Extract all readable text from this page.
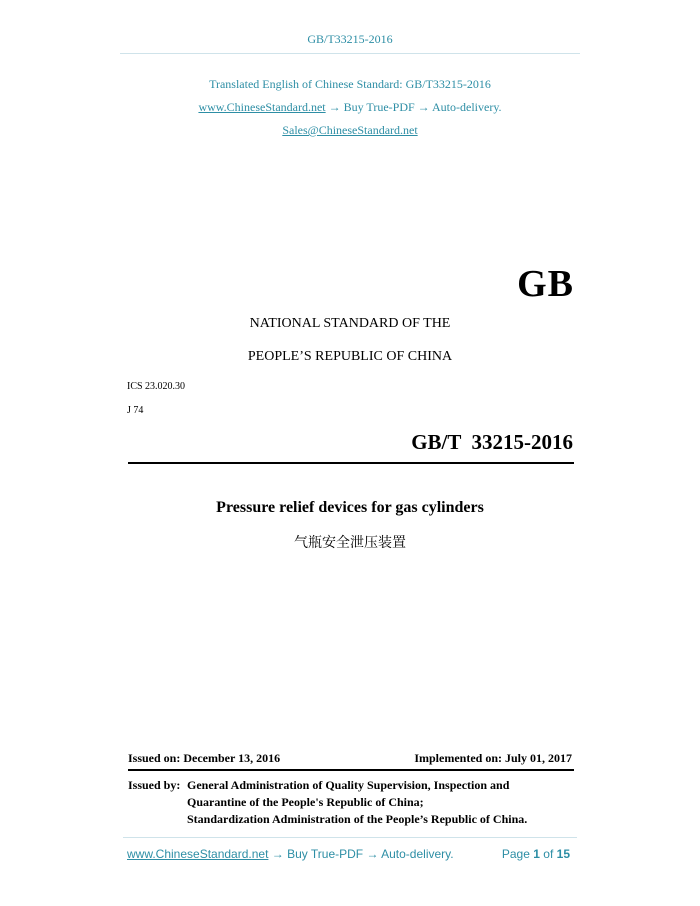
GB/T33215-2016
Translated English of Chinese Standard: GB/T33215-2016
www.ChineseStandard.net → Buy True-PDF → Auto-delivery.
Sales@ChineseStandard.net
GB
NATIONAL STANDARD OF THE
PEOPLE’S REPUBLIC OF CHINA
ICS 23.020.30
J 74
GB/T  33215-2016
Pressure relief devices for gas cylinders
气瓶安全泄压装置
Issued on: December 13, 2016	Implemented on: July 01, 2017
Issued by: General Administration of Quality Supervision, Inspection and
Quarantine of the People's Republic of China;
Standardization Administration of the People’s Republic of China.
www.ChineseStandard.net → Buy True-PDF → Auto-delivery.	Page 1 of 15
